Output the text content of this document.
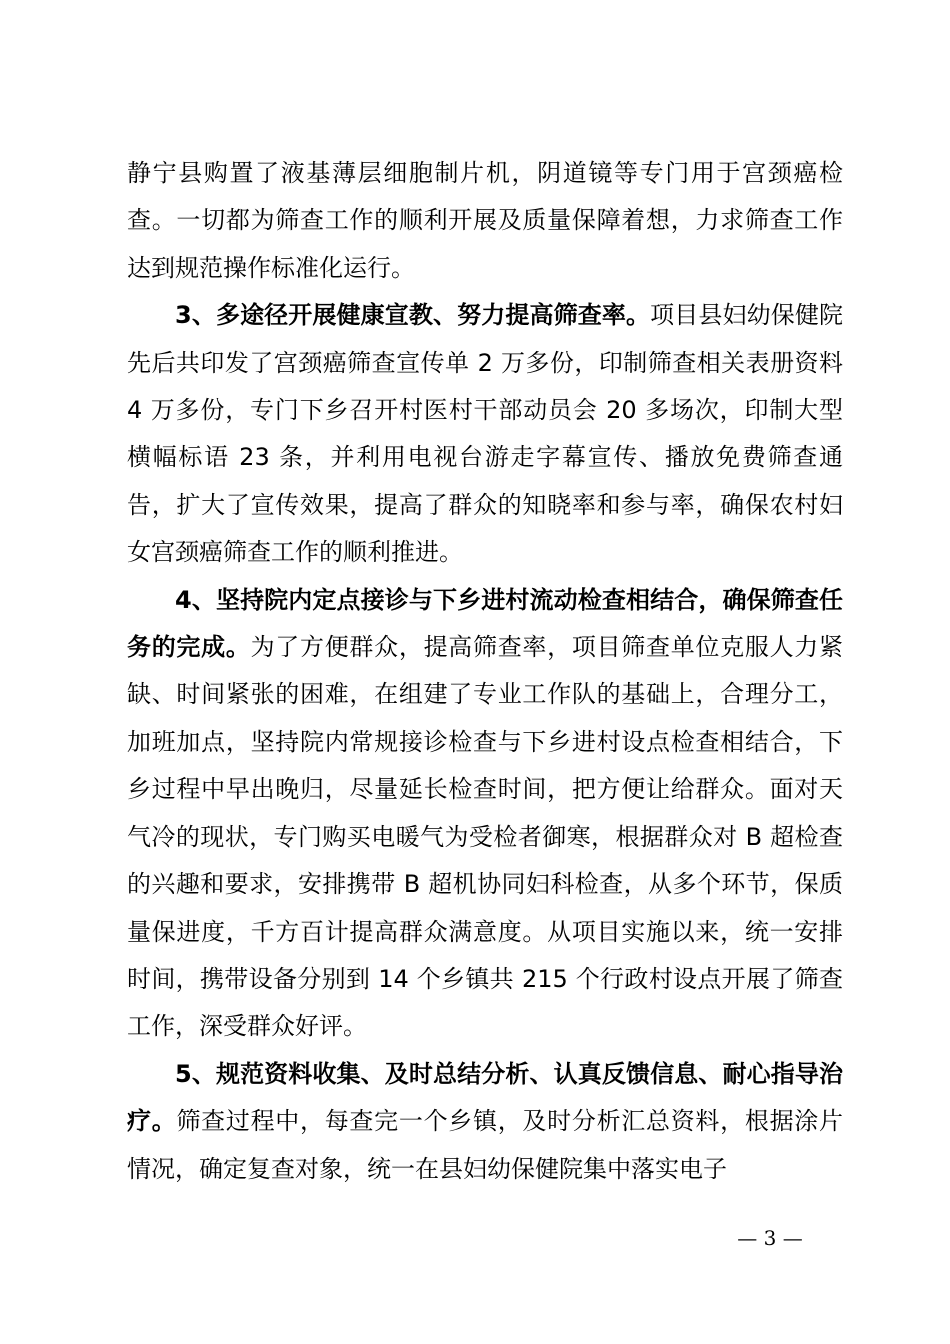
静宁县购置了液基薄层细胞制片机，阴道镜等专门用于宫颈癌检查。一切都为筛查工作的顺利开展及质量保障着想，力求筛查工作达到规范操作标准化运行。

3、多途径开展健康宣教、努力提高筛查率。项目县妇幼保健院先后共印发了宫颈癌筛查宣传单 2 万多份，印制筛查相关表册资料 4 万多份，专门下乡召开村医村干部动员会 20 多场次，印制大型横幅标语 23 条，并利用电视台游走字幕宣传、播放免费筛查通告，扩大了宣传效果，提高了群众的知晓率和参与率，确保农村妇女宫颈癌筛查工作的顺利推进。

4、坚持院内定点接诊与下乡进村流动检查相结合，确保筛查任务的完成。为了方便群众，提高筛查率，项目筛查单位克服人力紧缺、时间紧张的困难，在组建了专业工作队的基础上，合理分工，加班加点，坚持院内常规接诊检查与下乡进村设点检查相结合，下乡过程中早出晚归，尽量延长检查时间，把方便让给群众。面对天气冷的现状，专门购买电暖气为受检者御寒，根据群众对 B 超检查的兴趣和要求，安排携带 B 超机协同妇科检查，从多个环节，保质量保进度，千方百计提高群众满意度。从项目实施以来，统一安排时间，携带设备分别到 14 个乡镇共 215 个行政村设点开展了筛查工作，深受群众好评。

5、规范资料收集、及时总结分析、认真反馈信息、耐心指导治疗。筛查过程中，每查完一个乡镇，及时分析汇总资料，根据涂片情况，确定复查对象，统一在县妇幼保健院集中落实电子

— 3 —
